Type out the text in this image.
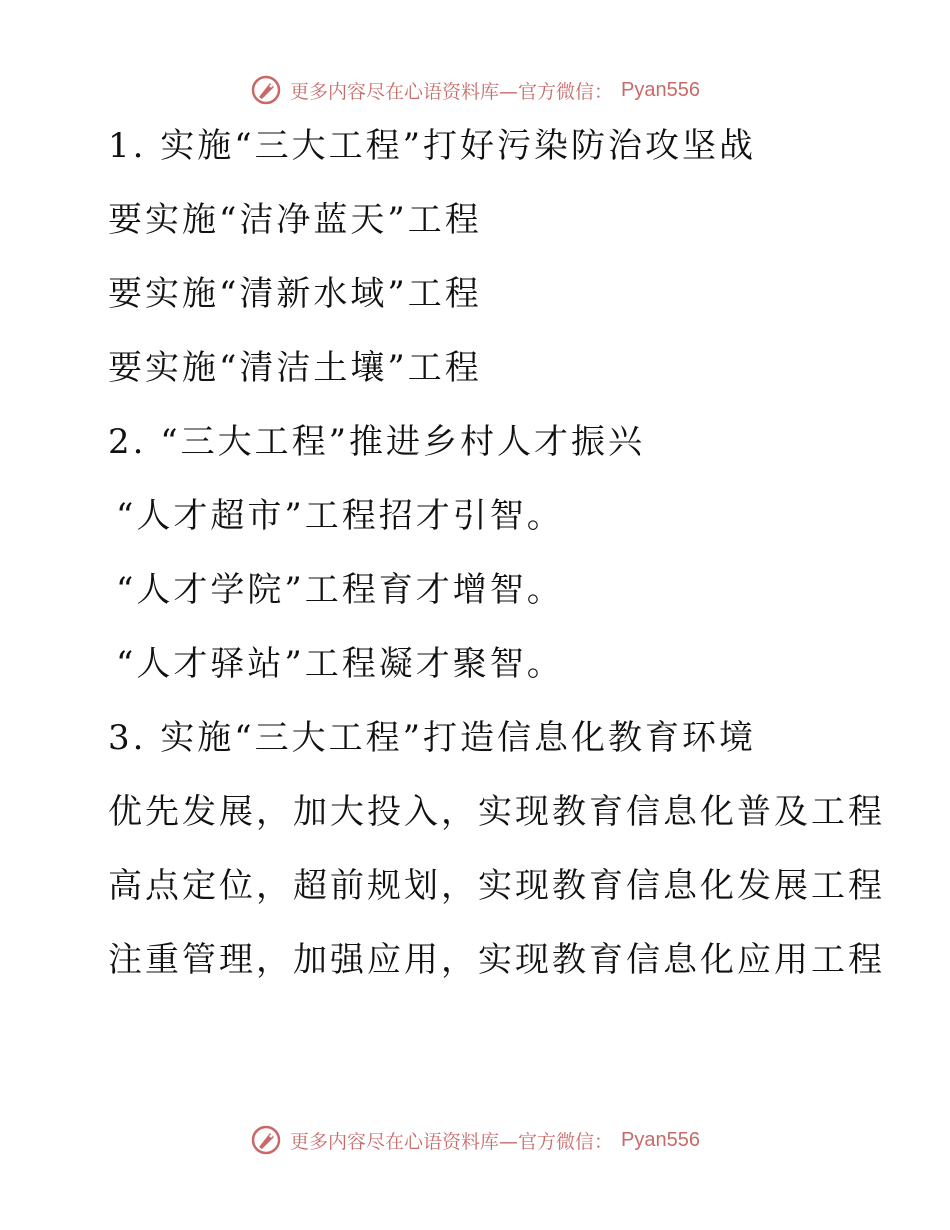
更多内容尽在心语资料库—官方微信： Pyan556
1. 实施“三大工程”打好污染防治攻坚战
要实施“洁净蓝天”工程
要实施“清新水域”工程
要实施“清洁土壤”工程
2. “三大工程”推进乡村人才振兴
“人才超市”工程招才引智。
“人才学院”工程育才增智。
“人才驿站”工程凝才聚智。
3. 实施“三大工程”打造信息化教育环境
优先发展，加大投入，实现教育信息化普及工程
高点定位，超前规划，实现教育信息化发展工程
注重管理，加强应用，实现教育信息化应用工程
更多内容尽在心语资料库—官方微信： Pyan556
